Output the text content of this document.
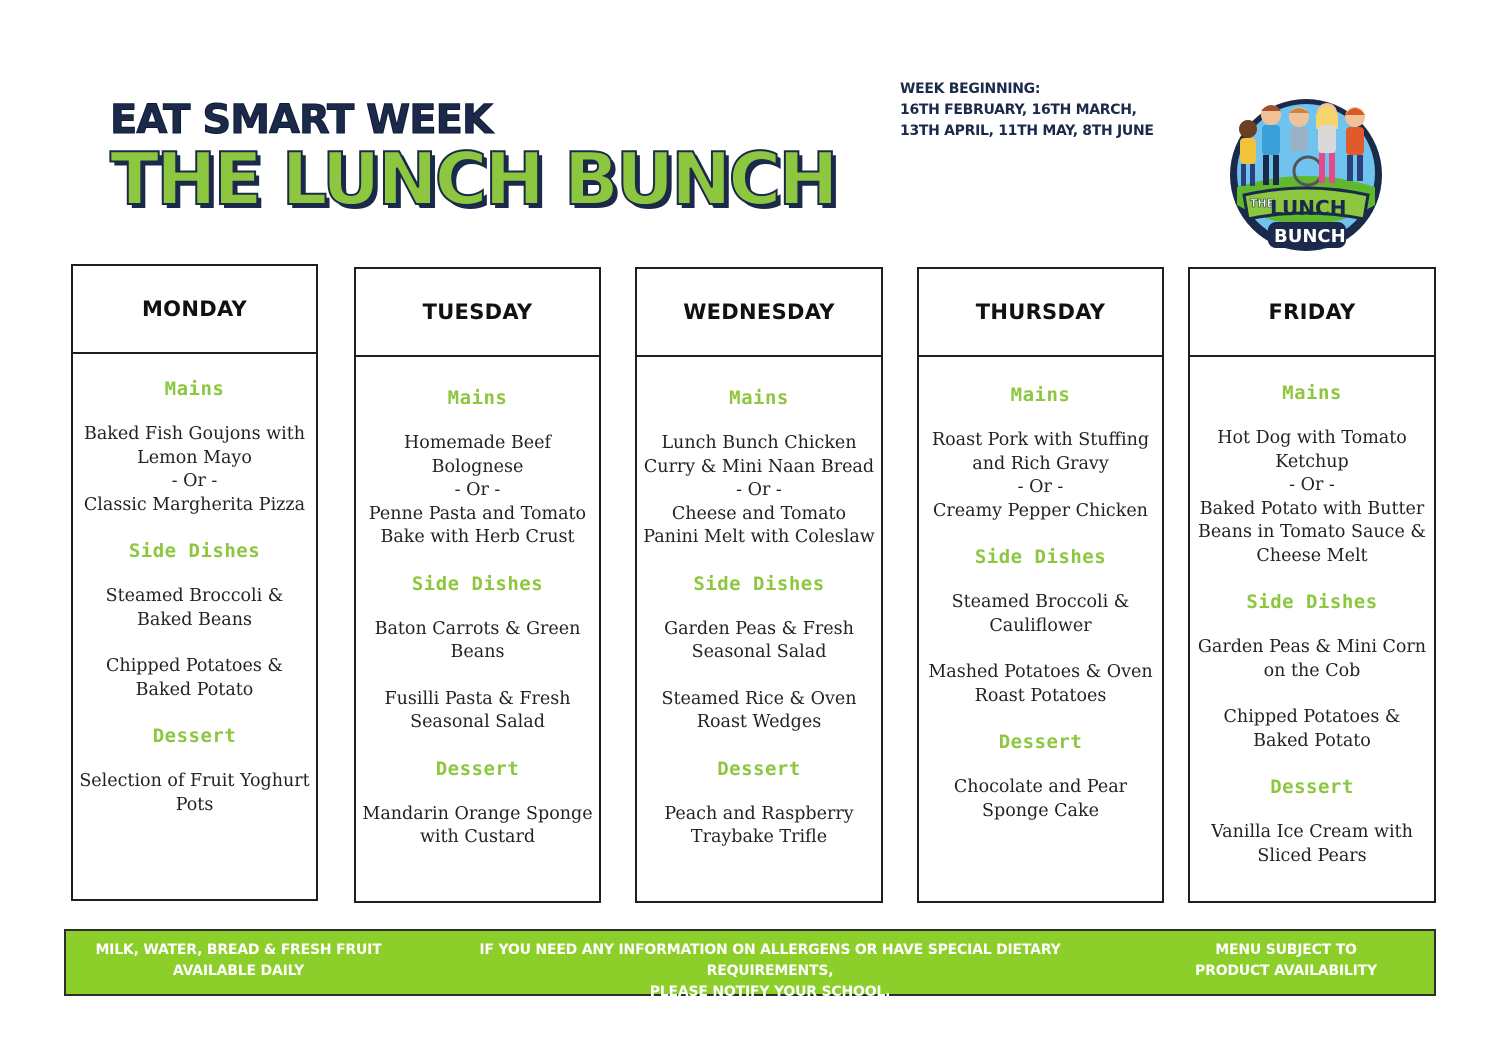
EAT SMART WEEK
THE LUNCH BUNCH
WEEK BEGINNING:
16TH FEBRUARY, 16TH MARCH,
13TH APRIL, 11TH MAY, 8TH JUNE
THE
LUNCH
BUNCH
ea catering
MONDAY
Mains
Baked Fish Goujons with Lemon Mayo
- Or -
Classic Margherita Pizza
Side Dishes
Steamed Broccoli & Baked Beans
Chipped Potatoes & Baked Potato
Dessert
Selection of Fruit Yoghurt Pots
TUESDAY
Mains
Homemade Beef Bolognese
- Or -
Penne Pasta and Tomato Bake with Herb Crust
Side Dishes
Baton Carrots & Green Beans
Fusilli Pasta & Fresh Seasonal Salad
Dessert
Mandarin Orange Sponge with Custard
WEDNESDAY
Mains
Lunch Bunch Chicken Curry & Mini Naan Bread
- Or -
Cheese and Tomato Panini Melt with Coleslaw
Side Dishes
Garden Peas & Fresh Seasonal Salad
Steamed Rice & Oven Roast Wedges
Dessert
Peach and Raspberry Traybake Trifle
THURSDAY
Mains
Roast Pork with Stuffing and Rich Gravy
- Or -
Creamy Pepper Chicken
Side Dishes
Steamed Broccoli & Cauliflower
Mashed Potatoes & Oven Roast Potatoes
Dessert
Chocolate and Pear Sponge Cake
FRIDAY
Mains
Hot Dog with Tomato Ketchup
- Or -
Baked Potato with Butter Beans in Tomato Sauce & Cheese Melt
Side Dishes
Garden Peas & Mini Corn on the Cob
Chipped Potatoes & Baked Potato
Dessert
Vanilla Ice Cream with Sliced Pears
MILK, WATER, BREAD & FRESH FRUIT
AVAILABLE DAILY
IF YOU NEED ANY INFORMATION ON ALLERGENS OR HAVE SPECIAL DIETARY REQUIREMENTS,
PLEASE NOTIFY YOUR SCHOOL.
MENU SUBJECT TO
PRODUCT AVAILABILITY
